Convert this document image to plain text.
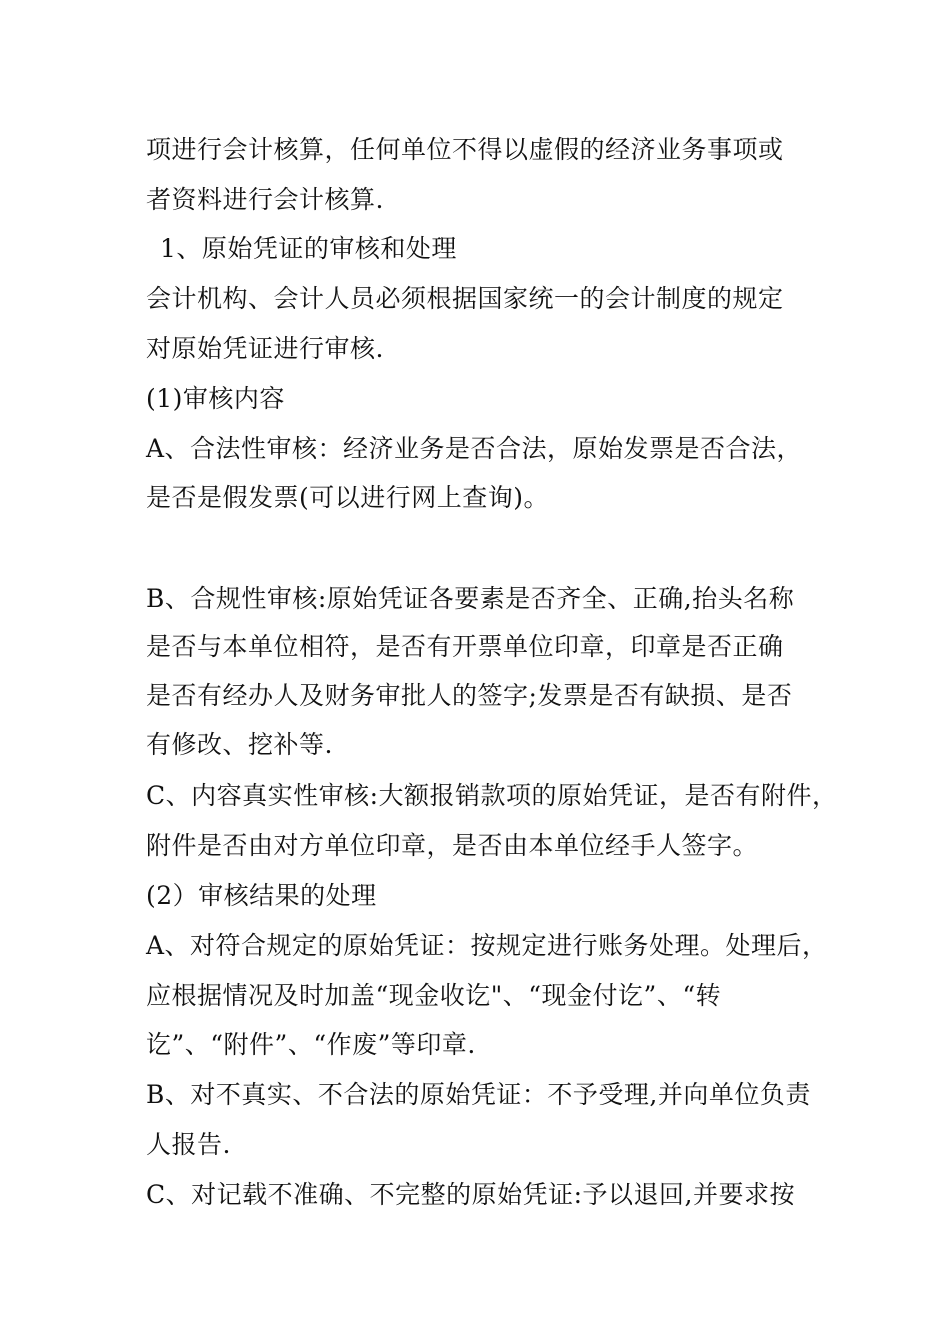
项进行会计核算，任何单位不得以虚假的经济业务事项或
者资料进行会计核算.
1、原始凭证的审核和处理
会计机构、会计人员必须根据国家统一的会计制度的规定
对原始凭证进行审核.
(1)审核内容
A、合法性审核：经济业务是否合法，原始发票是否合法，
是否是假发票(可以进行网上查询)。
B、合规性审核:原始凭证各要素是否齐全、正确,抬头名称
是否与本单位相符，是否有开票单位印章，印章是否正确
是否有经办人及财务审批人的签字;发票是否有缺损、是否
有修改、挖补等.
C、内容真实性审核:大额报销款项的原始凭证，是否有附件，
附件是否由对方单位印章，是否由本单位经手人签字。
(2）审核结果的处理
A、对符合规定的原始凭证：按规定进行账务处理。处理后，
应根据情况及时加盖“现金收讫"、“现金付讫”、“转
讫”、“附件”、“作废”等印章.
B、对不真实、不合法的原始凭证：不予受理,并向单位负责
人报告.
C、对记载不准确、不完整的原始凭证:予以退回,并要求按
